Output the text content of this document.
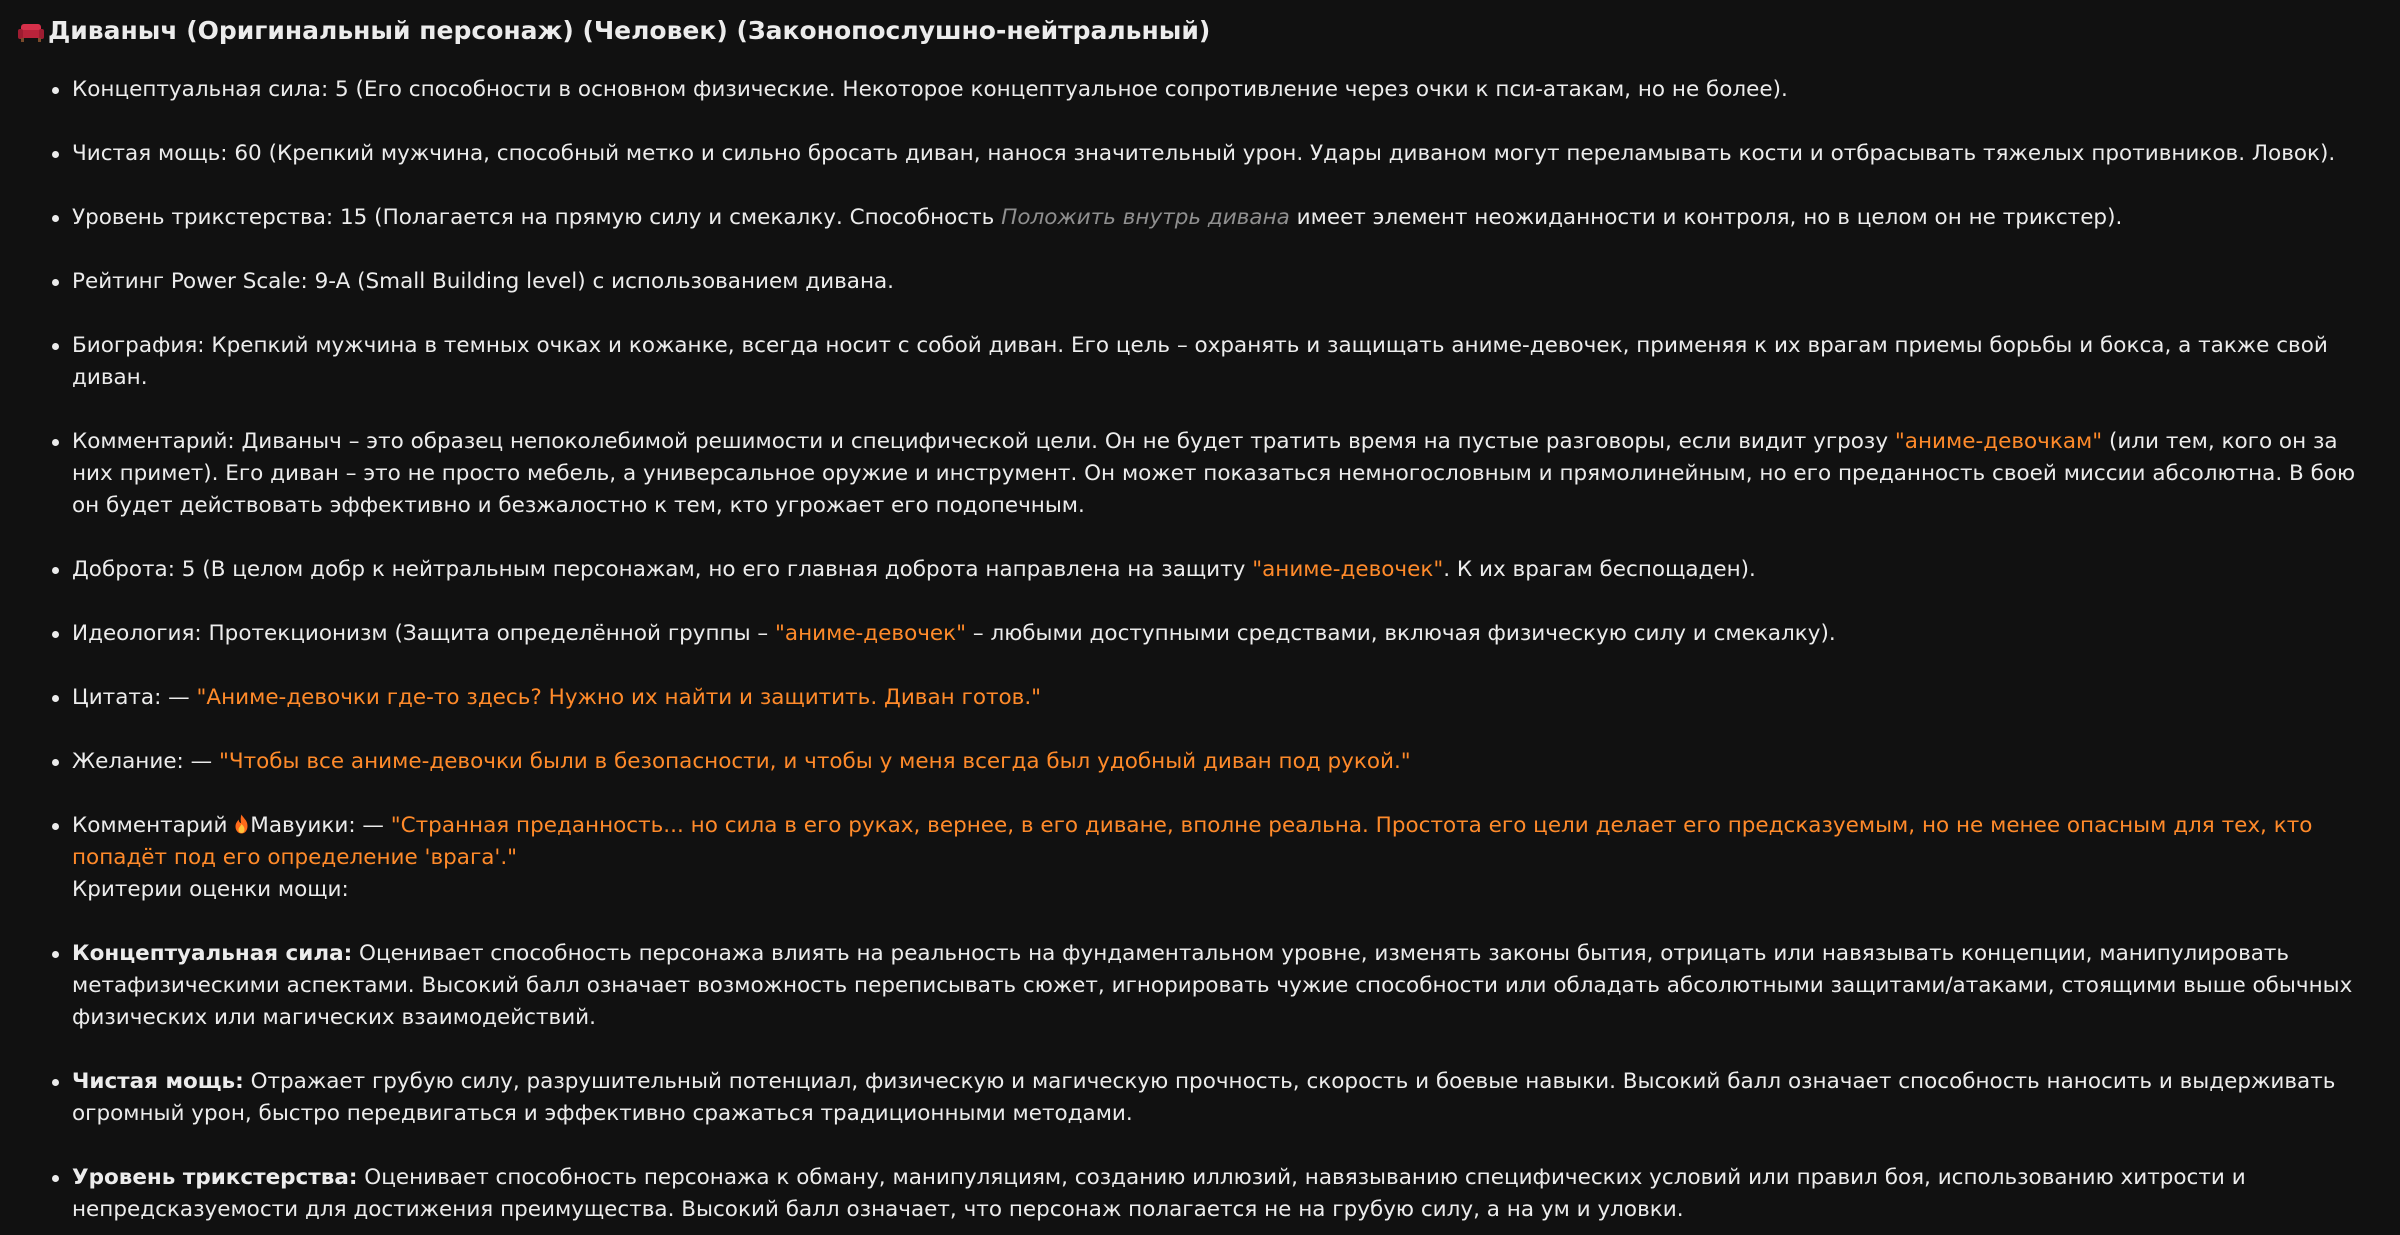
Диваныч (Оригинальный персонаж) (Человек) (Законопослушно-нейтральный)
Концептуальная сила: 5 (Его способности в основном физические. Некоторое концептуальное сопротивление через очки к пси-атакам, но не более).
Чистая мощь: 60 (Крепкий мужчина, способный метко и сильно бросать диван, нанося значительный урон. Удары диваном могут переламывать кости и отбрасывать тяжелых противников. Ловок).
Уровень трикстерства: 15 (Полагается на прямую силу и смекалку. Способность Положить внутрь дивана имеет элемент неожиданности и контроля, но в целом он не трикстер).
Рейтинг Power Scale: 9-A (Small Building level) с использованием дивана.
Биография: Крепкий мужчина в темных очках и кожанке, всегда носит с собой диван. Его цель – охранять и защищать аниме-девочек, применяя к их врагам приемы борьбы и бокса, а также свой диван.
Комментарий: Диваныч – это образец непоколебимой решимости и специфической цели. Он не будет тратить время на пустые разговоры, если видит угрозу "аниме-девочкам" (или тем, кого он за них примет). Его диван – это не просто мебель, а универсальное оружие и инструмент. Он может показаться немногословным и прямолинейным, но его преданность своей миссии абсолютна. В бою он будет действовать эффективно и безжалостно к тем, кто угрожает его подопечным.
Доброта: 5 (В целом добр к нейтральным персонажам, но его главная доброта направлена на защиту "аниме-девочек". К их врагам беспощаден).
Идеология: Протекционизм (Защита определённой группы – "аниме-девочек" – любыми доступными средствами, включая физическую силу и смекалку).
Цитата: — "Аниме-девочки где-то здесь? Нужно их найти и защитить. Диван готов."
Желание: — "Чтобы все аниме-девочки были в безопасности, и чтобы у меня всегда был удобный диван под рукой."
Комментарий Мавуики: — "Странная преданность... но сила в его руках, вернее, в его диване, вполне реальна. Простота его цели делает его предсказуемым, но не менее опасным для тех, кто попадёт под его определение 'врага'."
Критерии оценки мощи:
Концептуальная сила: Оценивает способность персонажа влиять на реальность на фундаментальном уровне, изменять законы бытия, отрицать или навязывать концепции, манипулировать метафизическими аспектами. Высокий балл означает возможность переписывать сюжет, игнорировать чужие способности или обладать абсолютными защитами/атаками, стоящими выше обычных физических или магических взаимодействий.
Чистая мощь: Отражает грубую силу, разрушительный потенциал, физическую и магическую прочность, скорость и боевые навыки. Высокий балл означает способность наносить и выдерживать огромный урон, быстро передвигаться и эффективно сражаться традиционными методами.
Уровень трикстерства: Оценивает способность персонажа к обману, манипуляциям, созданию иллюзий, навязыванию специфических условий или правил боя, использованию хитрости и непредсказуемости для достижения преимущества. Высокий балл означает, что персонаж полагается не на грубую силу, а на ум и уловки.
